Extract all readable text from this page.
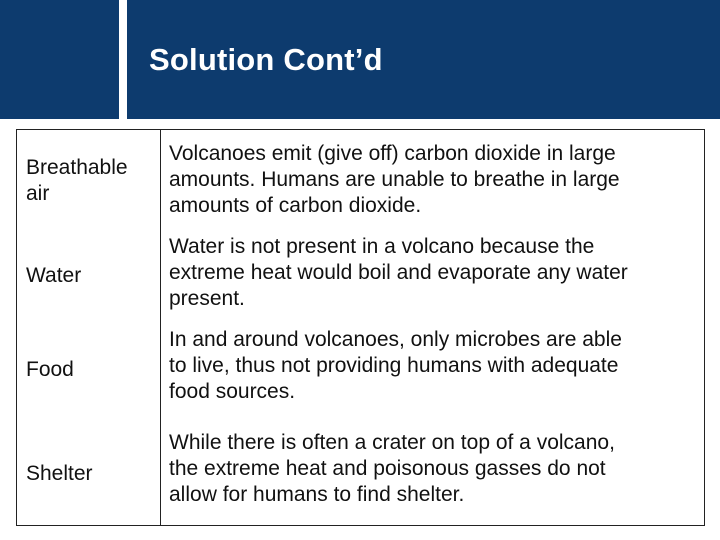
Solution Cont’d
Breathable
air
Volcanoes emit (give off) carbon dioxide in large
amounts. Humans are unable to breathe in large
amounts of carbon dioxide.
Water
Water is not present in a volcano because the
extreme heat would boil and evaporate any water
present.
Food
In and around volcanoes, only microbes are able
to live, thus not providing humans with adequate
food sources.
Shelter
While there is often a crater on top of a volcano,
the extreme heat and poisonous gasses do not
allow for humans to find shelter.
